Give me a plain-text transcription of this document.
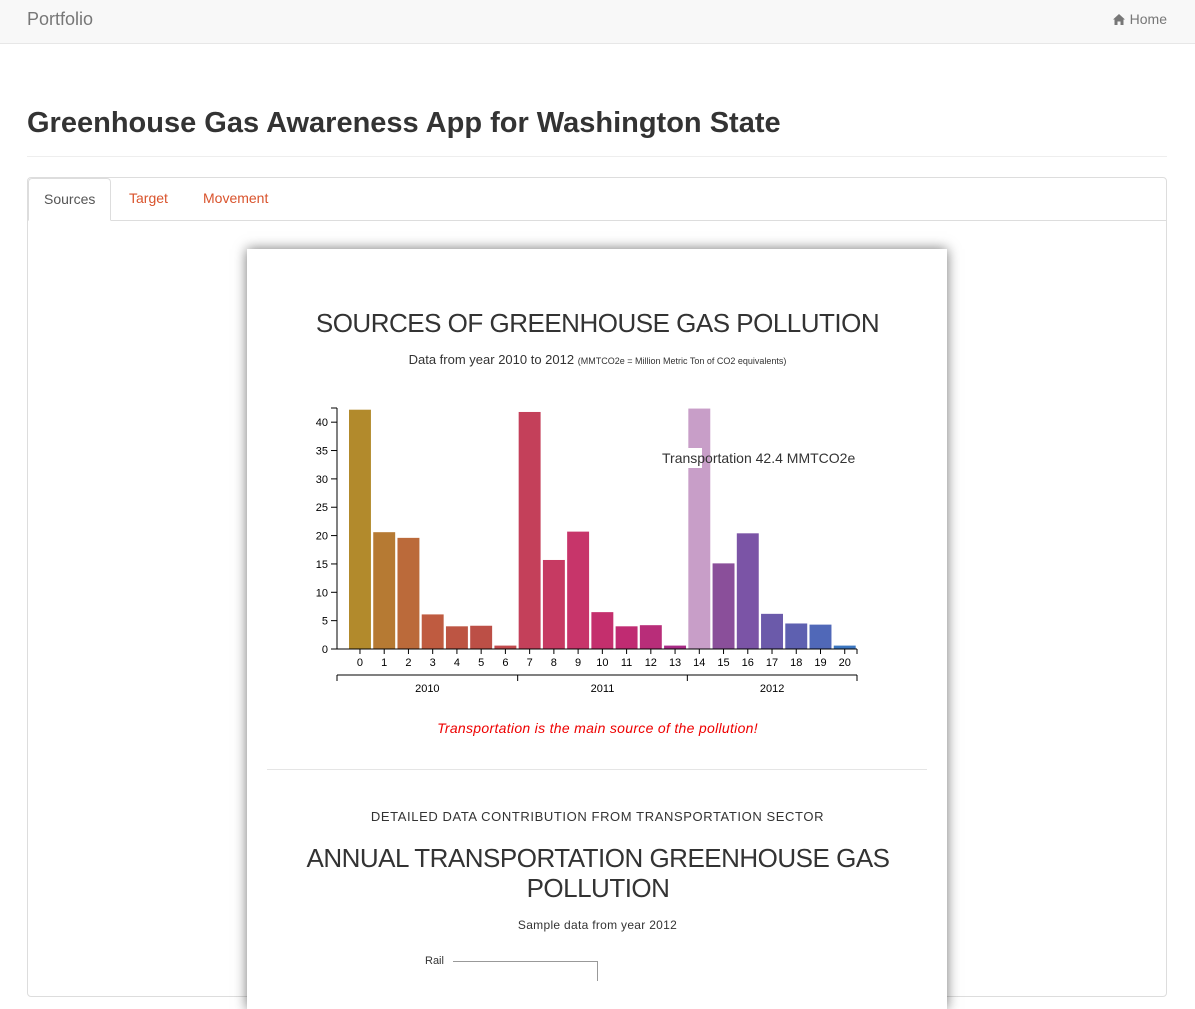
Portfolio	Home
Greenhouse Gas Awareness App for Washington State
Sources	Target	Movement
SOURCES OF GREENHOUSE GAS POLLUTION
Data from year 2010 to 2012 (MMTCO2e = Million Metric Ton of CO2 equivalents)
0
5
10
15
20
25
30
35
40
0 1 2 3 4 5 6 7 8 9 10 11 12 13 14 15 16 17 18 19 20
2010	2011	2012
Transportation 42.4 MMTCO2e
Transportation is the main source of the pollution!
DETAILED DATA CONTRIBUTION FROM TRANSPORTATION SECTOR
ANNUAL TRANSPORTATION GREENHOUSE GAS POLLUTION
Sample data from year 2012
Rail
